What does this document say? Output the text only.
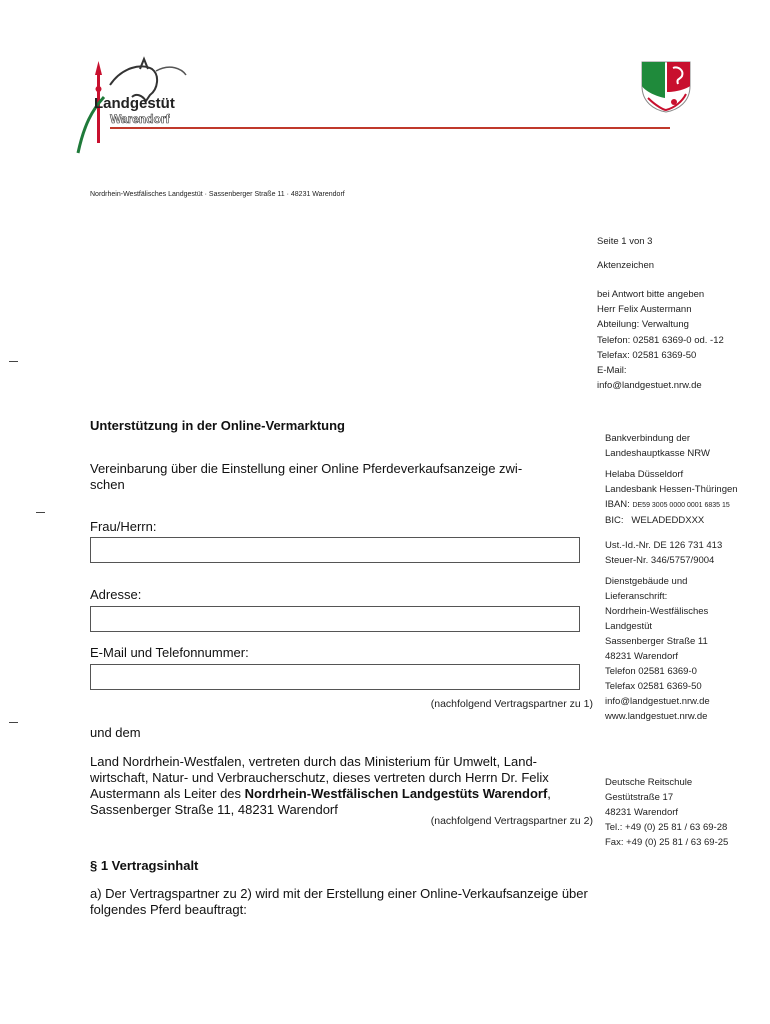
Landgestüt
Warendorf
Nordrhein-Westfälisches Landgestüt · Sassenberger Straße 11 · 48231 Warendorf
Seite 1 von 3
Aktenzeichen
bei Antwort bitte angeben
Herr Felix Austermann
Abteilung: Verwaltung
Telefon: 02581 6369-0 od. -12
Telefax: 02581 6369-50
E-Mail:
info@landgestuet.nrw.de
Bankverbindung der
Landeshauptkasse NRW
Helaba Düsseldorf
Landesbank Hessen-Thüringen
IBAN: DE59 3005 0000 0001 6835 15
BIC:   WELADEDDXXX
Ust.-Id.-Nr. DE 126 731 413
Steuer-Nr. 346/5757/9004
Dienstgebäude und
Lieferanschrift:
Nordrhein-Westfälisches
Landgestüt
Sassenberger Straße 11
48231 Warendorf
Telefon 02581 6369-0
Telefax 02581 6369-50
info@landgestuet.nrw.de
www.landgestuet.nrw.de
Deutsche Reitschule
Gestütstraße 17
48231 Warendorf
Tel.: +49 (0) 25 81 / 63 69-28
Fax: +49 (0) 25 81 / 63 69-25
Unterstützung in der Online-Vermarktung
Vereinbarung über die Einstellung einer Online Pferdeverkaufsanzeige zwi-
schen
Frau/Herrn:
Adresse:
E-Mail und Telefonnummer:
(nachfolgend Vertragspartner zu 1)
und dem
Land Nordrhein-Westfalen, vertreten durch das Ministerium für Umwelt, Land-
wirtschaft, Natur- und Verbraucherschutz, dieses vertreten durch Herrn Dr. Felix
Austermann als Leiter des Nordrhein-Westfälischen Landgestüts Warendorf,
Sassenberger Straße 11, 48231 Warendorf
(nachfolgend Vertragspartner zu 2)
§ 1 Vertragsinhalt
a) Der Vertragspartner zu 2) wird mit der Erstellung einer Online-Verkaufsanzeige über
folgendes Pferd beauftragt:
